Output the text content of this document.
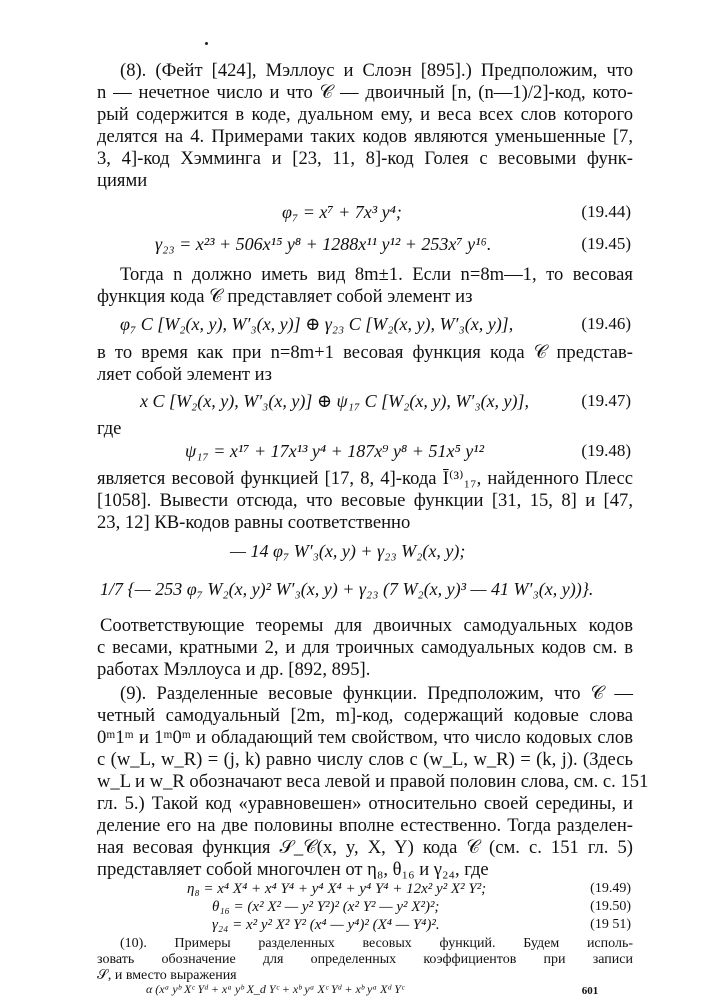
(8). (Фейт [424], Мэллоус и Слоэн [895].) Предположим, что
n — нечетное число и что 𝒞 — двоичный [n, (n—1)/2]-код, кото-
рый содержится в коде, дуальном ему, и веса всех слов которого
делятся на 4. Примерами таких кодов являются уменьшенные [7,
3, 4]-код Хэмминга и [23, 11, 8]-код Голея с весовыми функ-
циями
φ₇ = x⁷ + 7x³ y⁴;	(19.44)
γ₂₃ = x²³ + 506x¹⁵ y⁸ + 1288x¹¹ y¹² + 253x⁷ y¹⁶.	(19.45)
Тогда n должно иметь вид 8m±1. Если n=8m—1, то весовая
функция кода 𝒞 представляет собой элемент из
φ₇ C [W₂(x, y), W′₃(x, y)] ⊕ γ₂₃ C [W₂(x, y), W′₃(x, y)],	(19.46)
в то время как при n=8m+1 весовая функция кода 𝒞 представ-
ляет собой элемент из
x C [W₂(x, y), W′₃(x, y)] ⊕ ψ₁₇ C [W₂(x, y), W′₃(x, y)],	(19.47)
где
ψ₁₇ = x¹⁷ + 17x¹³ y⁴ + 187x⁹ y⁸ + 51x⁵ y¹²	(19.48)
является весовой функцией [17, 8, 4]-кода Ī⁽³⁾₁₇, найденного Плесс
[1058]. Вывести отсюда, что весовые функции [31, 15, 8] и [47,
23, 12] КВ-кодов равны соответственно
— 14 φ₇ W′₃(x, y) + γ₂₃ W₂(x, y);
1/7 {— 253 φ₇ W₂(x, y)² W′₃(x, y) + γ₂₃ (7 W₂(x, y)³ — 41 W′₃(x, y))}.
Соответствующие теоремы для двоичных самодуальных кодов
с весами, кратными 2, и для троичных самодуальных кодов см. в
работах Мэллоуса и др. [892, 895].
(9). Разделенные весовые функции. Предположим, что 𝒞 —
четный самодуальный [2m, m]-код, содержащий кодовые слова
0ᵐ1ᵐ и 1ᵐ0ᵐ и обладающий тем свойством, что число кодовых слов
с (w_L, w_R) = (j, k) равно числу слов с (w_L, w_R) = (k, j). (Здесь
w_L и w_R обозначают веса левой и правой половин слова, см. с. 151
гл. 5.) Такой код «уравновешен» относительно своей середины, и
деление его на две половины вполне естественно. Тогда разделен-
ная весовая функция 𝒮_𝒞(x, y, X, Y) кода 𝒞 (см. с. 151 гл. 5)
представляет собой многочлен от η₈, θ₁₆ и γ₂₄, где
η₈ = x⁴ X⁴ + x⁴ Y⁴ + y⁴ X⁴ + y⁴ Y⁴ + 12x² y² X² Y²;	(19.49)
θ₁₆ = (x² X² — y² Y²)² (x² Y² — y² X²)²;	(19.50)
γ₂₄ = x² y² X² Y² (x⁴ — y⁴)² (X⁴ — Y⁴)².	(19 51)
(10). Примеры разделенных весовых функций. Будем исполь-
зовать обозначение для определенных коэффициентов при записи
𝒮, и вместо выражения
α (xᵃ yᵇ Xᶜ Yᵈ + xᵃ yᵇ X_d Yᶜ + xᵇ yᵃ Xᶜ Yᵈ + xᵇ yᵃ Xᵈ Yᶜ	601
